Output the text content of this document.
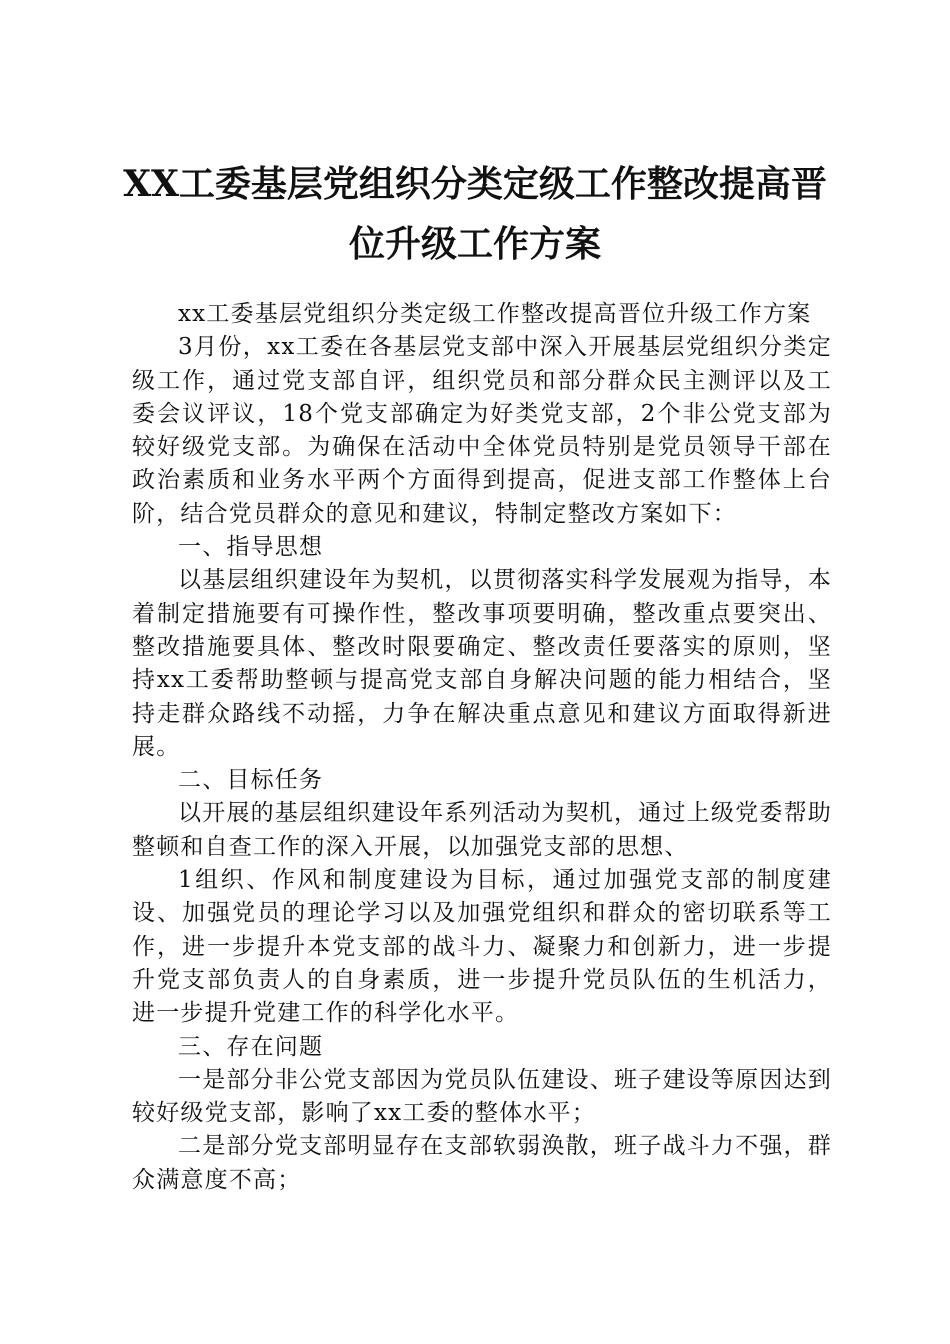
XX工委基层党组织分类定级工作整改提高晋
位升级工作方案

xx工委基层党组织分类定级工作整改提高晋位升级工作方案

3月份，xx工委在各基层党支部中深入开展基层党组织分类定级工作，通过党支部自评，组织党员和部分群众民主测评以及工委会议评议，18个党支部确定为好类党支部，2个非公党支部为较好级党支部。为确保在活动中全体党员特别是党员领导干部在政治素质和业务水平两个方面得到提高，促进支部工作整体上台阶，结合党员群众的意见和建议，特制定整改方案如下：

一、指导思想

以基层组织建设年为契机，以贯彻落实科学发展观为指导，本着制定措施要有可操作性，整改事项要明确，整改重点要突出、整改措施要具体、整改时限要确定、整改责任要落实的原则，坚持xx工委帮助整顿与提高党支部自身解决问题的能力相结合，坚持走群众路线不动摇，力争在解决重点意见和建议方面取得新进展。

二、目标任务

以开展的基层组织建设年系列活动为契机，通过上级党委帮助整顿和自查工作的深入开展，以加强党支部的思想、

1组织、作风和制度建设为目标，通过加强党支部的制度建设、加强党员的理论学习以及加强党组织和群众的密切联系等工作，进一步提升本党支部的战斗力、凝聚力和创新力，进一步提升党支部负责人的自身素质，进一步提升党员队伍的生机活力，进一步提升党建工作的科学化水平。

三、存在问题

一是部分非公党支部因为党员队伍建设、班子建设等原因达到较好级党支部，影响了xx工委的整体水平；

二是部分党支部明显存在支部软弱涣散，班子战斗力不强，群众满意度不高；
